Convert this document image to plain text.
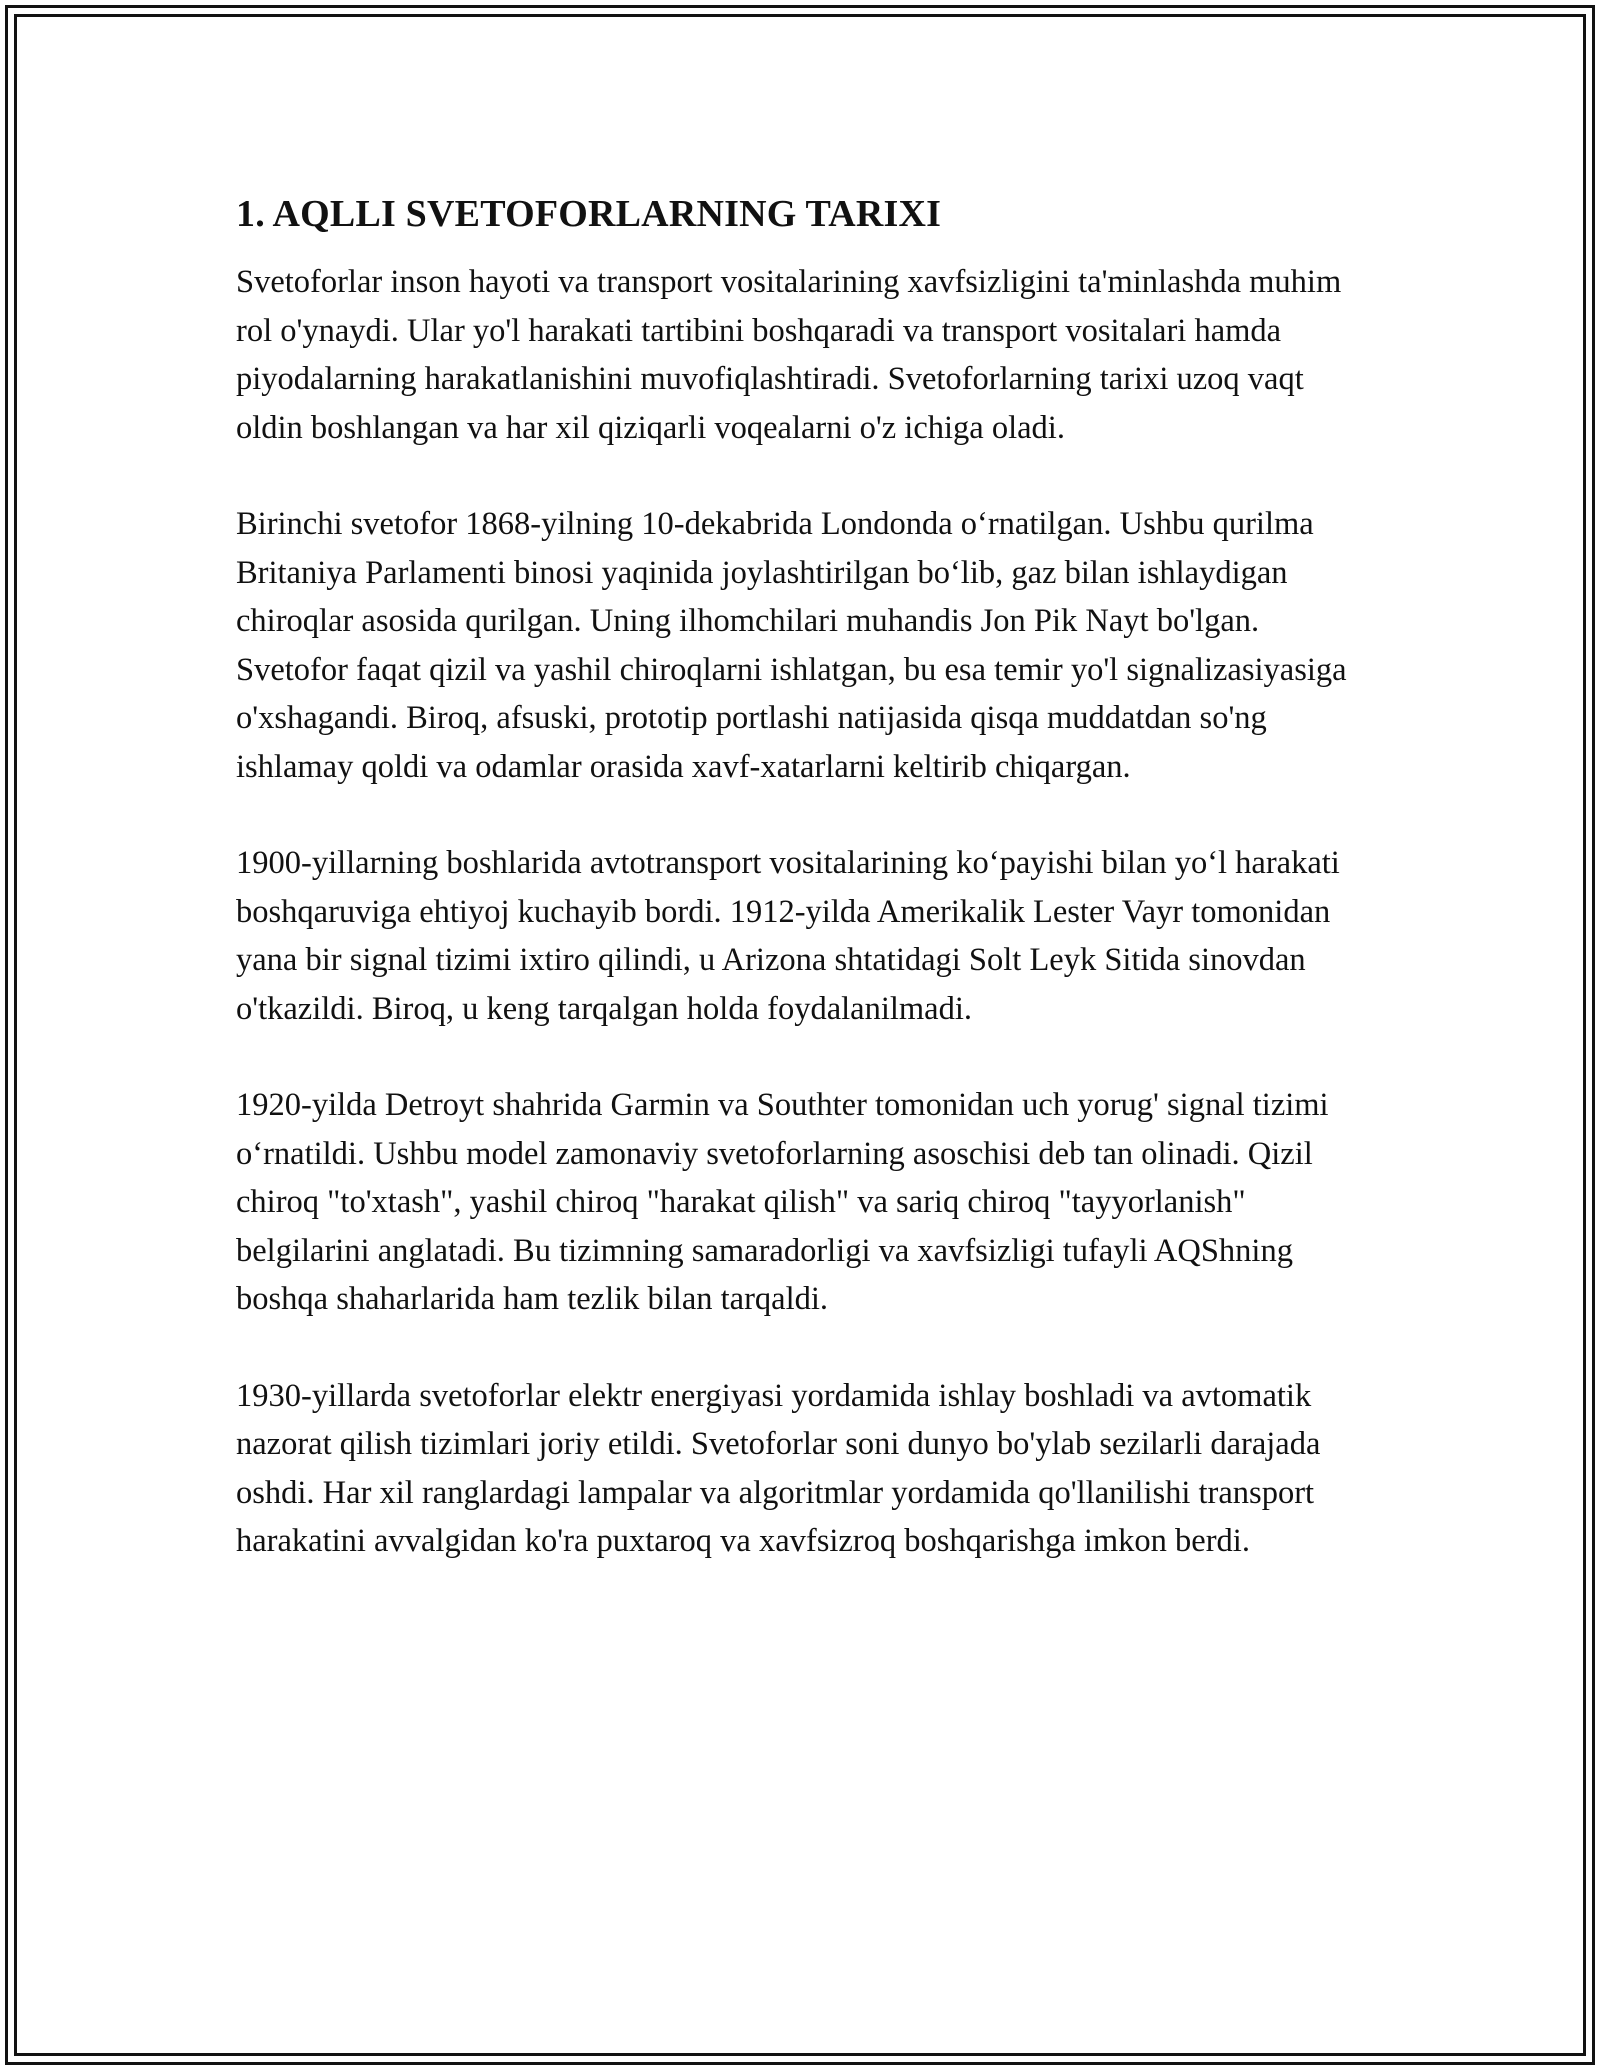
1. AQLLI SVETOFORLARNING TARIXI

Svetoforlar inson hayoti va transport vositalarining xavfsizligini ta'minlashda muhim rol o'ynaydi. Ular yo'l harakati tartibini boshqaradi va transport vositalari hamda piyodalarning harakatlanishini muvofiqlashtiradi. Svetoforlarning tarixi uzoq vaqt oldin boshlangan va har xil qiziqarli voqealarni o'z ichiga oladi.

Birinchi svetofor 1868-yilning 10-dekabrida Londonda oʻrnatilgan. Ushbu qurilma Britaniya Parlamenti binosi yaqinida joylashtirilgan boʻlib, gaz bilan ishlaydigan chiroqlar asosida qurilgan. Uning ilhomchilari muhandis Jon Pik Nayt bo'lgan. Svetofor faqat qizil va yashil chiroqlarni ishlatgan, bu esa temir yo'l signalizasiyasiga o'xshagandi. Biroq, afsuski, prototip portlashi natijasida qisqa muddatdan so'ng ishlamay qoldi va odamlar orasida xavf-xatarlarni keltirib chiqargan.

1900-yillarning boshlarida avtotransport vositalarining koʻpayishi bilan yoʻl harakati boshqaruviga ehtiyoj kuchayib bordi. 1912-yilda Amerikalik Lester Vayr tomonidan yana bir signal tizimi ixtiro qilindi, u Arizona shtatidagi Solt Leyk Sitida sinovdan o'tkazildi. Biroq, u keng tarqalgan holda foydalanilmadi.

1920-yilda Detroyt shahrida Garmin va Southter tomonidan uch yorug' signal tizimi oʻrnatildi. Ushbu model zamonaviy svetoforlarning asoschisi deb tan olinadi. Qizil chiroq "to'xtash", yashil chiroq "harakat qilish" va sariq chiroq "tayyorlanish" belgilarini anglatadi. Bu tizimning samaradorligi va xavfsizligi tufayli AQShning boshqa shaharlarida ham tezlik bilan tarqaldi.

1930-yillarda svetoforlar elektr energiyasi yordamida ishlay boshladi va avtomatik nazorat qilish tizimlari joriy etildi. Svetoforlar soni dunyo bo'ylab sezilarli darajada oshdi. Har xil ranglardagi lampalar va algoritmlar yordamida qo'llanilishi transport harakatini avvalgidan ko'ra puxtaroq va xavfsizroq boshqarishga imkon berdi.
